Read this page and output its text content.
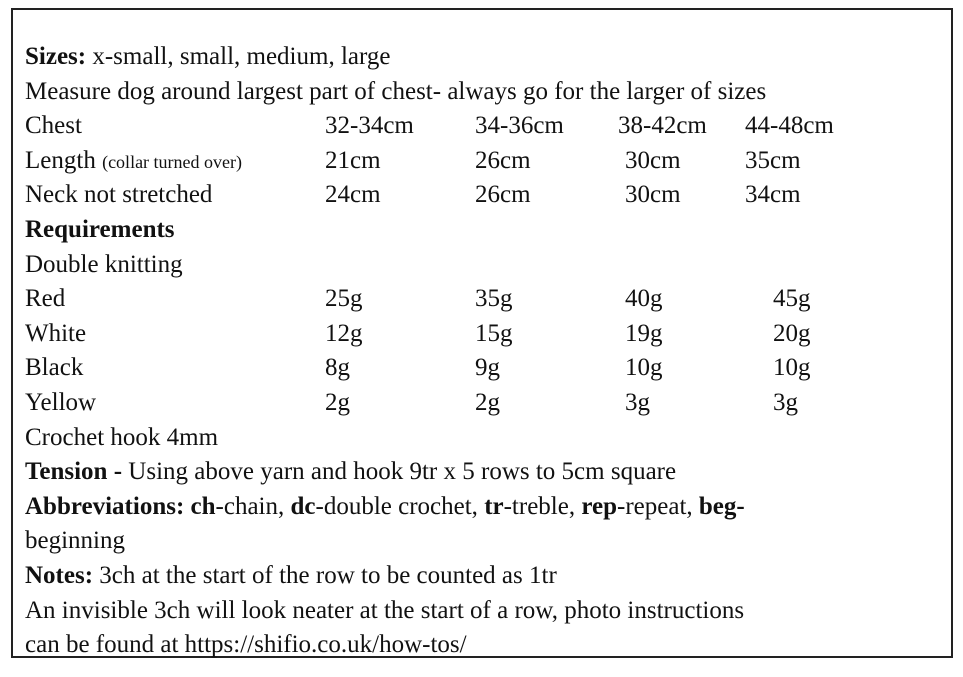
Sizes: x-small, small, medium, large
Measure dog around largest part of chest- always go for the larger of sizes
Chest	32-34cm 34-36cm 38-42cm 44-48cm
Length (collar turned over)	21cm	26cm	30cm	35cm
Neck not stretched	24cm	26cm	30cm	34cm
Requirements
Double knitting
Red	25g	35g	40g	45g
White	12g	15g	19g	20g
Black	8g	9g	10g	10g
Yellow	2g	2g	3g	3g
Crochet hook 4mm
Tension - Using above yarn and hook 9tr x 5 rows to 5cm square
Abbreviations: ch-chain, dc-double crochet, tr-treble, rep-repeat, beg-
beginning
Notes: 3ch at the start of the row to be counted as 1tr
An invisible 3ch will look neater at the start of a row, photo instructions
can be found at https://shifio.co.uk/how-tos/
